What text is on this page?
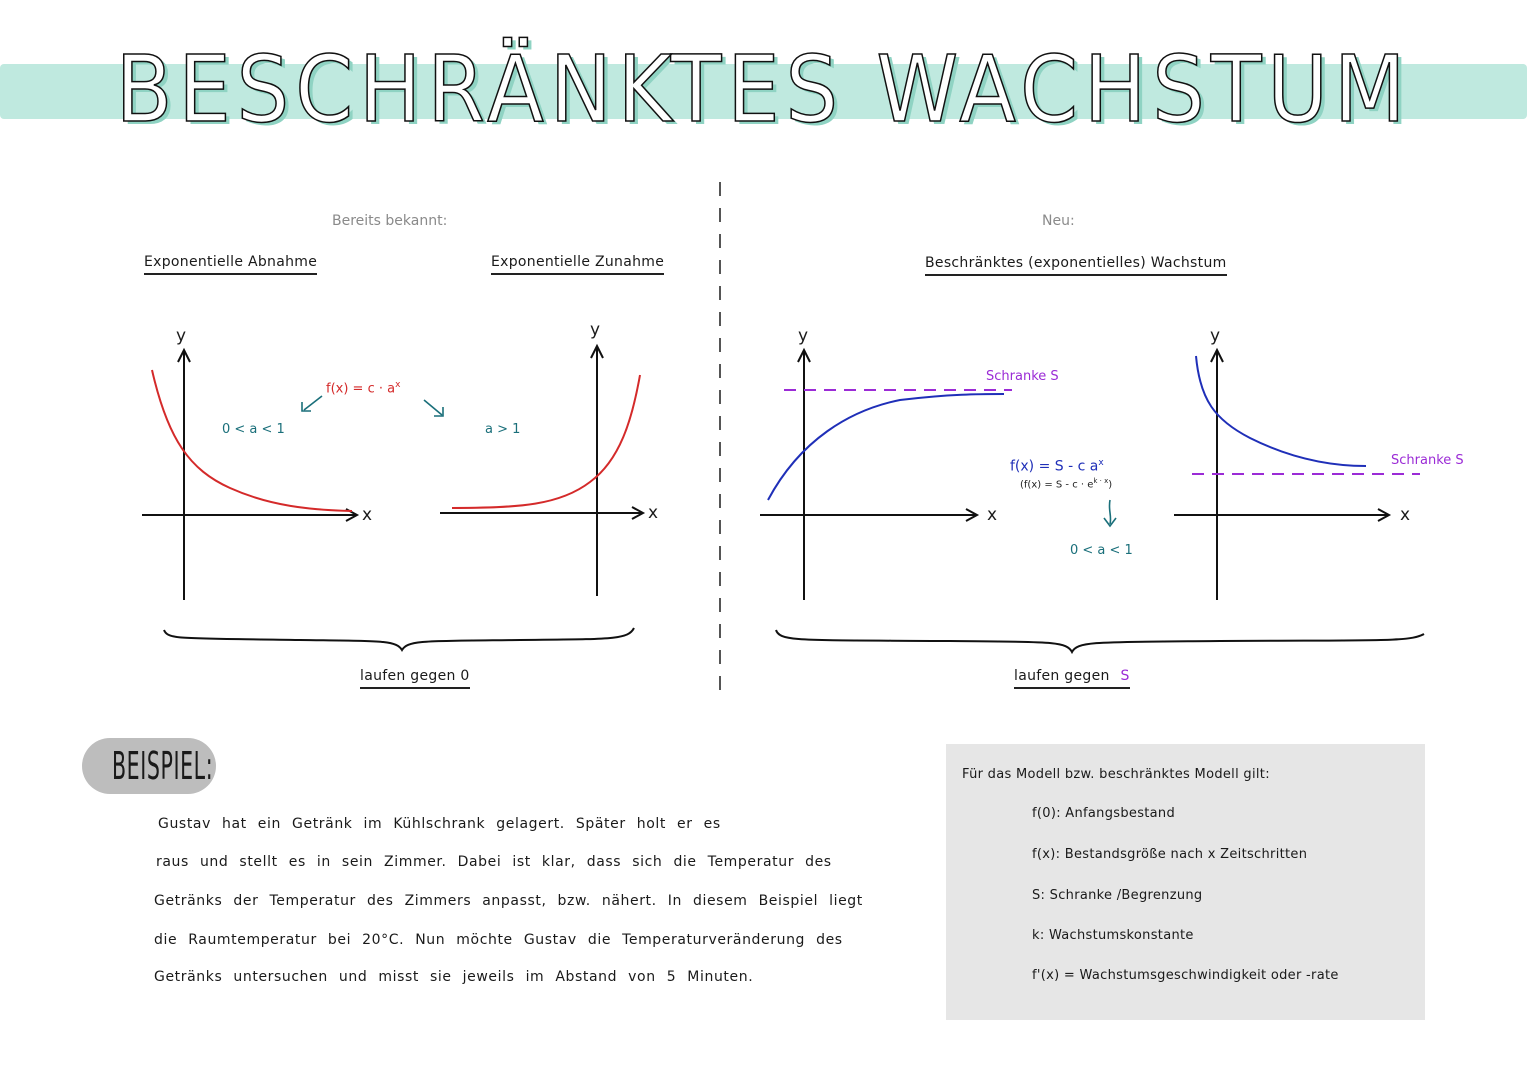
BESCHRÄNKTES WACHSTUM
Bereits bekannt:
Exponentielle Abnahme	Exponentielle Zunahme
y
x
y
x
$f(x) = c \cdot a^x$
0 < a < 1	a > 1
laufen gegen 0
Neu:
Beschränktes (exponentielles) Wachstum
y
x
y
x
Schranke S
Schranke S
f(x) = S - c $a^x$
$(f(x) = S - c \cdot e^{k \cdot x})$
0 < a < 1
laufen gegen S
BEISPIEL:
Gustav hat ein Getränk im Kühlschrank gelagert. Später holt er es
raus und stellt es in sein Zimmer. Dabei ist klar, dass sich die Temperatur des
Getränks der Temperatur des Zimmers anpasst, bzw. nähert. In diesem Beispiel liegt
die Raumtemperatur bei 20°C. Nun möchte Gustav die Temperaturveränderung des
Getränks untersuchen und misst sie jeweils im Abstand von 5 Minuten.
Für das Modell bzw. beschränktes Modell gilt:
f(0): Anfangsbestand
f(x): Bestandsgröße nach x Zeitschritten
S: Schranke /Begrenzung
k: Wachstumskonstante
f'(x) = Wachstumsgeschwindigkeit oder -rate
